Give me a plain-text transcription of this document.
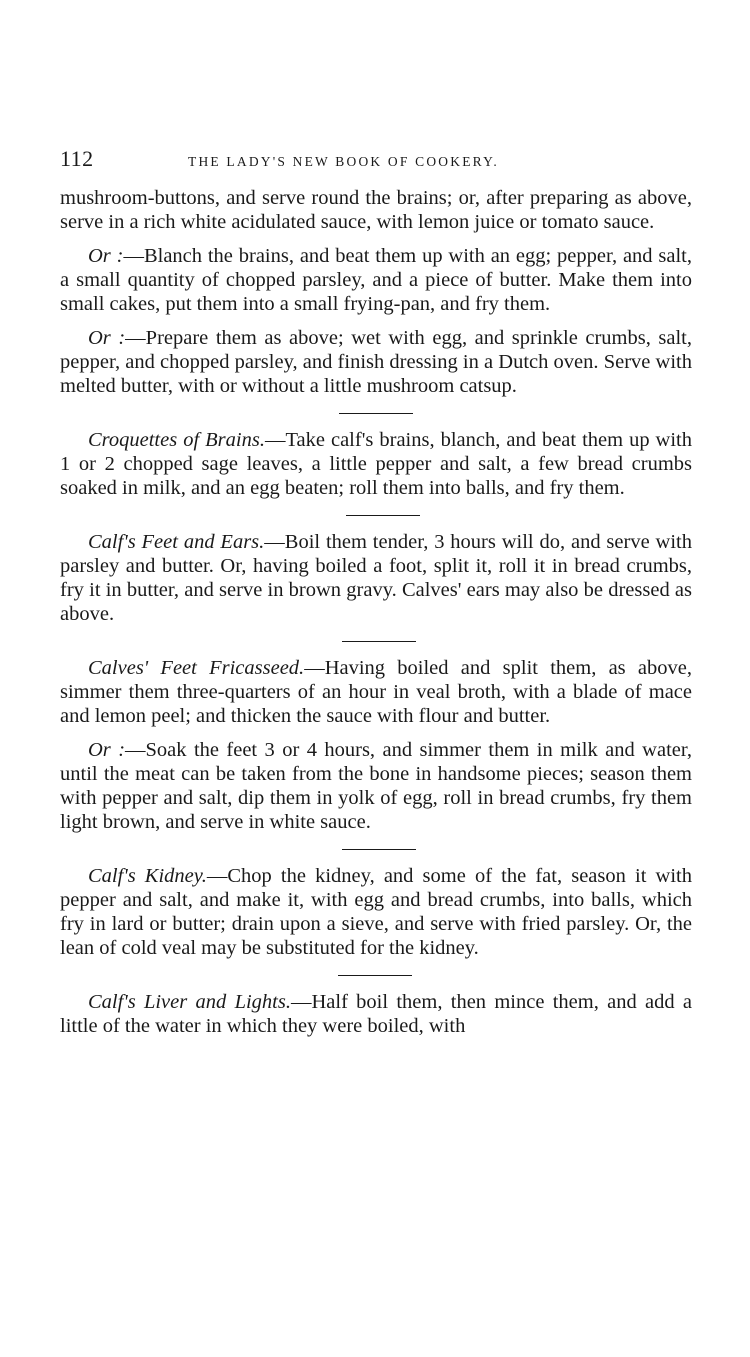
112	THE LADY'S NEW BOOK OF COOKERY.

mushroom-buttons, and serve round the brains; or, after preparing as above, serve in a rich white acidulated sauce, with lemon juice or tomato sauce.

Or :—Blanch the brains, and beat them up with an egg; pepper, and salt, a small quantity of chopped parsley, and a piece of butter. Make them into small cakes, put them into a small frying-pan, and fry them.

Or :—Prepare them as above; wet with egg, and sprinkle crumbs, salt, pepper, and chopped parsley, and finish dressing in a Dutch oven. Serve with melted butter, with or without a little mushroom catsup.

Croquettes of Brains.—Take calf's brains, blanch, and beat them up with 1 or 2 chopped sage leaves, a little pepper and salt, a few bread crumbs soaked in milk, and an egg beaten; roll them into balls, and fry them.

Calf's Feet and Ears.—Boil them tender, 3 hours will do, and serve with parsley and butter. Or, having boiled a foot, split it, roll it in bread crumbs, fry it in butter, and serve in brown gravy. Calves' ears may also be dressed as above.

Calves' Feet Fricasseed.—Having boiled and split them, as above, simmer them three-quarters of an hour in veal broth, with a blade of mace and lemon peel; and thicken the sauce with flour and butter.

Or :—Soak the feet 3 or 4 hours, and simmer them in milk and water, until the meat can be taken from the bone in handsome pieces; season them with pepper and salt, dip them in yolk of egg, roll in bread crumbs, fry them light brown, and serve in white sauce.

Calf's Kidney.—Chop the kidney, and some of the fat, season it with pepper and salt, and make it, with egg and bread crumbs, into balls, which fry in lard or butter; drain upon a sieve, and serve with fried parsley. Or, the lean of cold veal may be substituted for the kidney.

Calf's Liver and Lights.—Half boil them, then mince them, and add a little of the water in which they were boiled, with
